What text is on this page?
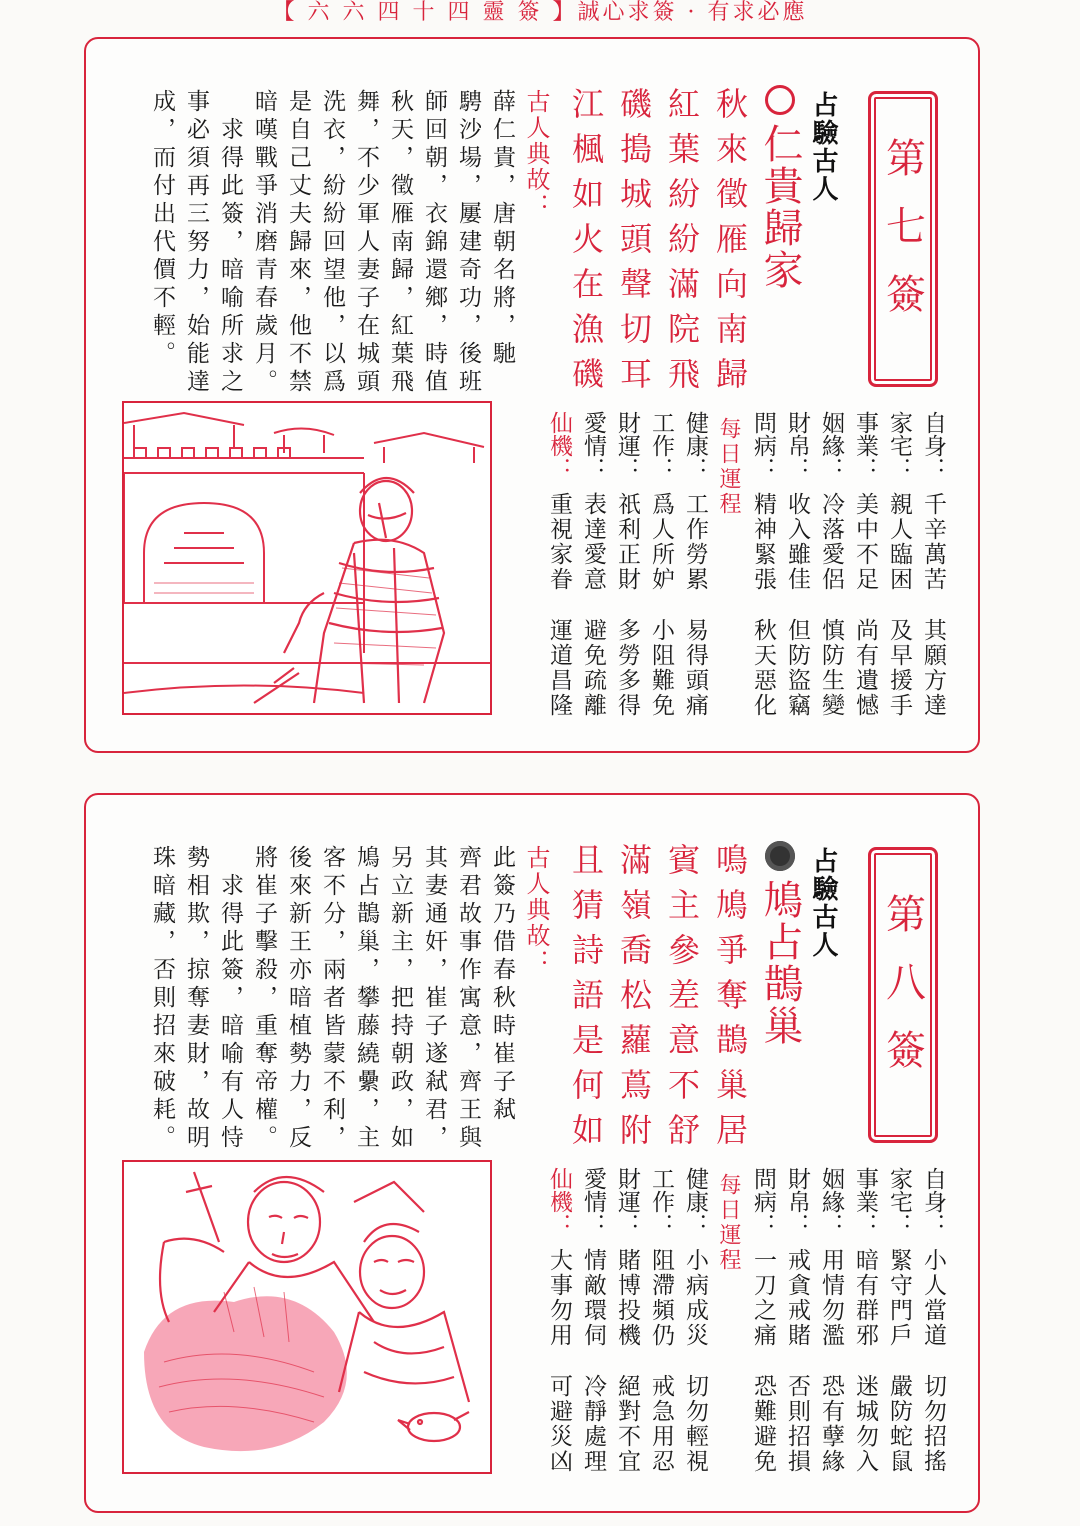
【 六 六 四 十 四 靈 簽 】誠心求簽 · 有求必應
第七簽
占驗古人
仁貴歸家
秋來徵雁向南歸
紅葉紛紛滿院飛
磯搗城頭聲切耳
江楓如火在漁磯
古人典故：
薛仁貴，唐朝名將，馳
騁沙場，屢建奇功，後班
師回朝，衣錦還鄉，時值
秋天，徵雁南歸，紅葉飛
舞，不少軍人妻子在城頭
洗衣，紛紛回望他，以爲
是自己丈夫歸來，他不禁
暗嘆戰爭消磨青春歲月。
　求得此簽，暗喻所求之
事必須再三努力，始能達
成，而付出代價不輕。
自身：千辛萬苦其願方達
家宅：親人臨困及早援手
事業：美中不足尚有遺憾
姻緣：冷落愛侶慎防生變
財帛：收入雖佳但防盜竊
問病：精神緊張秋天惡化
每日運程
健康：工作勞累易得頭痛
工作：爲人所妒小阻難免
財運：祇利正財多勞多得
愛情：表達愛意避免疏離
仙機：重視家眷運道昌隆
第八簽
占驗古人
鳩占鵲巢
鳴鳩爭奪鵲巢居
賓主參差意不舒
滿嶺喬松蘿蔦附
且猜詩語是何如
古人典故：
此簽乃借春秋時崔子弒
齊君故事作寓意，齊王與
其妻通奸，崔子遂弒君，
另立新主，把持朝政，如
鳩占鵲巢，攀藤繞纍，主
客不分，兩者皆蒙不利，
後來新王亦暗植勢力，反
將崔子擊殺，重奪帝權。
　求得此簽，暗喻有人恃
勢相欺，掠奪妻財，故明
珠暗藏，否則招來破耗。
自身：小人當道切勿招搖
家宅：緊守門戶嚴防蛇鼠
事業：暗有群邪迷城勿入
姻緣：用情勿濫恐有孽緣
財帛：戒貪戒賭否則招損
問病：一刀之痛恐難避免
每日運程
健康：小病成災切勿輕視
工作：阻滯頻仍戒急用忍
財運：賭博投機絕對不宜
愛情：情敵環伺冷靜處理
仙機：大事勿用可避災凶
